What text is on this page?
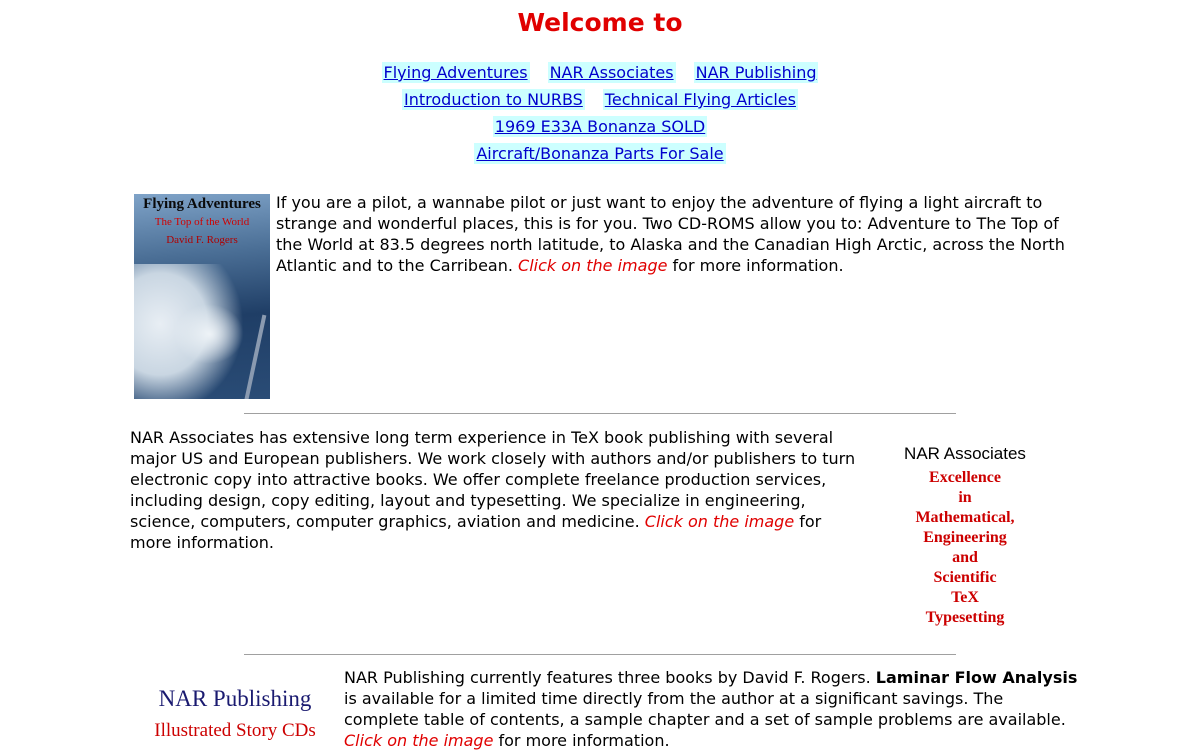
Welcome to
Flying AdventuresNAR AssociatesNAR Publishing
Introduction to NURBSTechnical Flying Articles
1969 E33A Bonanza SOLD
Aircraft/Bonanza Parts For Sale
Flying Adventures
The Top of the World
David F. Rogers
If you are a pilot, a wannabe pilot or just want to enjoy the adventure of flying a light aircraft to strange and wonderful places, this is for you. Two CD-ROMS allow you to: Adventure to The Top of the World at 83.5 degrees north latitude, to Alaska and the Canadian High Arctic, across the North Atlantic and to the Carribean. Click on the image for more information.
NAR Associates has extensive long term experience in TeX book publishing with several major US and European publishers. We work closely with authors and/or publishers to turn electronic copy into attractive books. We offer complete freelance production services, including design, copy editing, layout and typesetting. We specialize in engineering, science, computers, computer graphics, aviation and medicine. Click on the image for more information.
NAR Associates
Excellence
in
Mathematical,
Engineering
and
Scientific
TeX
Typesetting
NAR Publishing
Illustrated Story CDs
NAR Publishing currently features three books by David F. Rogers. Laminar Flow Analysis is available for a limited time directly from the author at a significant savings. The complete table of contents, a sample chapter and a set of sample problems are available. Click on the image for more information.
